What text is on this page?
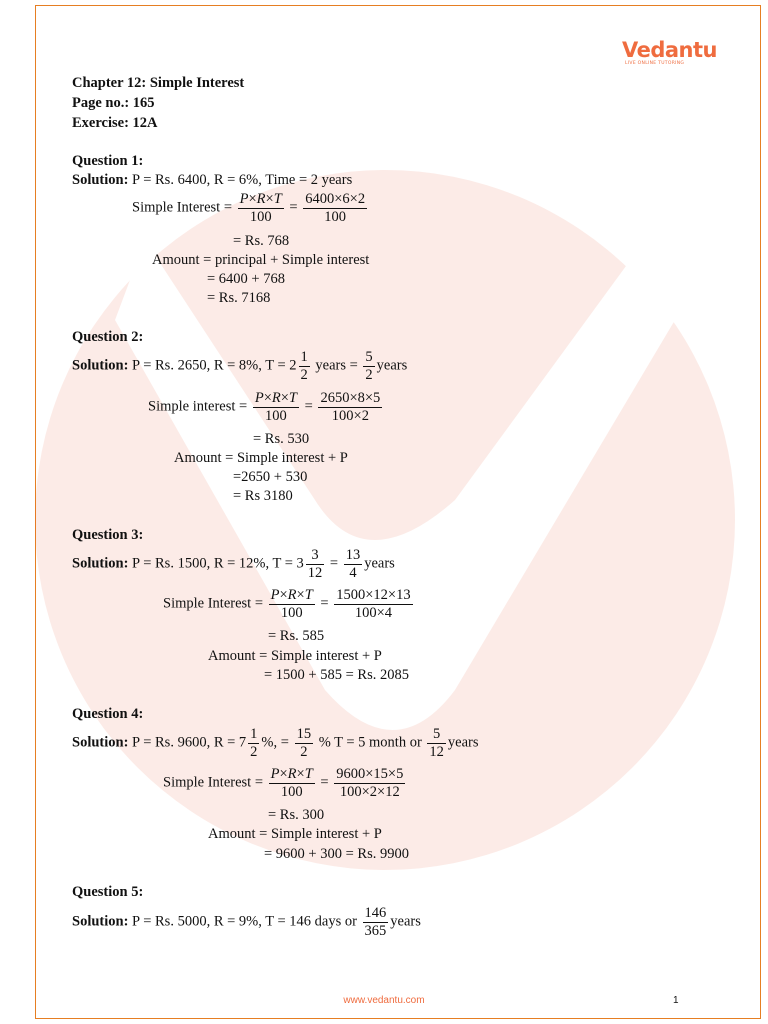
Vedantu
LIVE ONLINE TUTORING
Chapter 12: Simple Interest
Page no.: 165
Exercise: 12A
Question 1:
Solution: P = Rs. 6400, R = 6%, Time = 2 years
Simple Interest = $\frac{P\times R\times T}{100} = \frac{6400\times 6\times 2}{100}$
= Rs. 768
Amount = principal + Simple interest
= 6400 + 768
= Rs. 7168
Question 2:
Solution: P = Rs. 2650, R = 8%, $T = 2 \frac{1}{2}$ years = $\frac{5}{2}$ years
Simple interest = $\frac{P\times R\times T}{100} = \frac{2650\times 8\times 5}{100\times 2}$
= Rs. 530
Amount = Simple interest + P
=2650 + 530
= Rs 3180
Question 3:
Solution: P = Rs. 1500, R = 12%, $T = 3 \frac{3}{12} = \frac{13}{4}$ years
Simple Interest = $\frac{P\times R\times T}{100} = \frac{1500\times 12\times 13}{100\times 4}$
= Rs. 585
Amount = Simple interest + P
= 1500 + 585 = Rs. 2085
Question 4:
Solution: P = Rs. 9600, $R = 7 \frac{1}{2}$ %, = $\frac{15}{2}$ % T = 5 month or $\frac{5}{12}$ years
Simple Interest = $\frac{P\times R\times T}{100} = \frac{9600\times 15\times 5}{100\times 2\times 12}$
= Rs. 300
Amount = Simple interest + P
= 9600 + 300 = Rs. 9900
Question 5:
Solution: P = Rs. 5000, R = 9%, T = 146 days or $\frac{146}{365}$ years
www.vedantu.com	1
